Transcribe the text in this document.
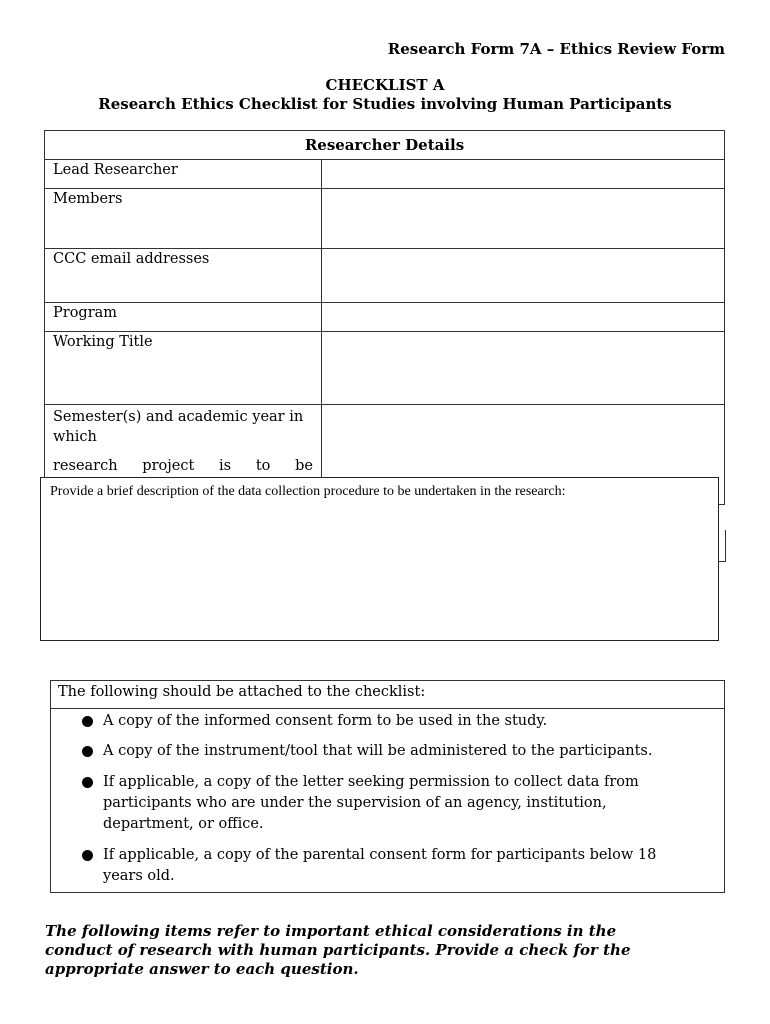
Research Form 7A – Ethics Review Form
CHECKLIST A
Research Ethics Checklist for Studies involving Human Participants
Researcher Details	
Lead Researcher	
Members	
CCC email addresses	
Program	
Working Title	

Semester(s) and academic year in which
research project is to be	

Provide a brief description of the data collection procedure to be undertaken in the research:
The following should be attached to the checklist:
A copy of the informed consent form to be used in the study.
A copy of the instrument/tool that will be administered to the participants.
If applicable, a copy of the letter seeking permission to collect data from participants who are under the supervision of an agency, institution, department, or office.
If applicable, a copy of the parental consent form for participants below 18 years old.
The following items refer to important ethical considerations in the conduct of research with human participants. Provide a check for the appropriate answer to each question.
